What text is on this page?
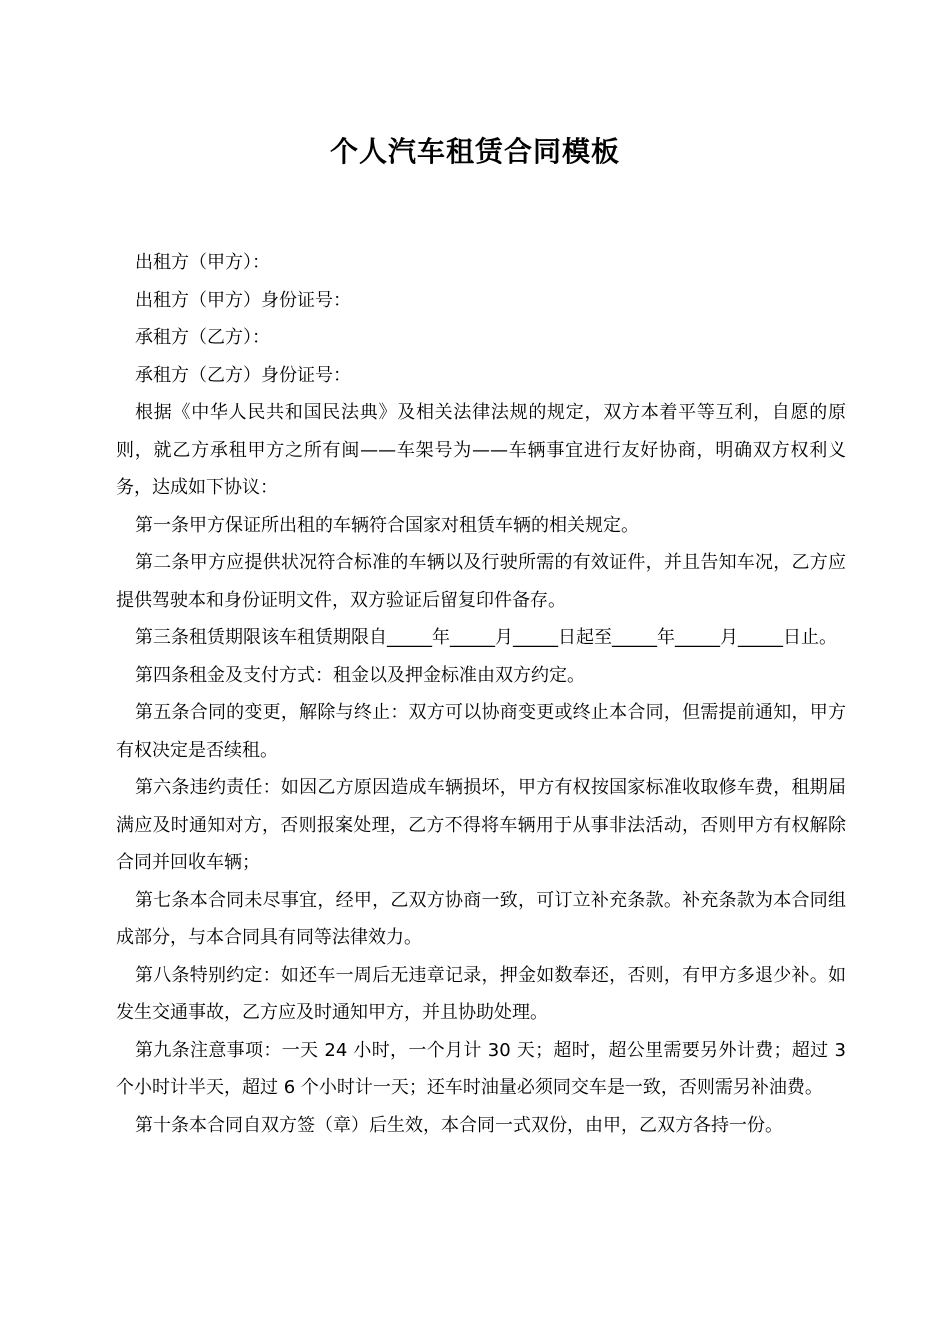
个人汽车租赁合同模板

出租方（甲方）：

出租方（甲方）身份证号：

承租方（乙方）：

承租方（乙方）身份证号：

根据《中华人民共和国民法典》及相关法律法规的规定，双方本着平等互利，自愿的原则，就乙方承租甲方之所有闽——车架号为——车辆事宜进行友好协商，明确双方权利义务，达成如下协议：

第一条甲方保证所出租的车辆符合国家对租赁车辆的相关规定。

第二条甲方应提供状况符合标准的车辆以及行驶所需的有效证件，并且告知车况，乙方应提供驾驶本和身份证明文件，双方验证后留复印件备存。

第三条租赁期限该车租赁期限自_____年_____月_____日起至_____年_____月_____日止。

第四条租金及支付方式：租金以及押金标准由双方约定。

第五条合同的变更，解除与终止：双方可以协商变更或终止本合同，但需提前通知，甲方有权决定是否续租。

第六条违约责任：如因乙方原因造成车辆损坏，甲方有权按国家标准收取修车费，租期届满应及时通知对方，否则报案处理，乙方不得将车辆用于从事非法活动，否则甲方有权解除合同并回收车辆；

第七条本合同未尽事宜，经甲，乙双方协商一致，可订立补充条款。补充条款为本合同组成部分，与本合同具有同等法律效力。

第八条特别约定：如还车一周后无违章记录，押金如数奉还，否则，有甲方多退少补。如发生交通事故，乙方应及时通知甲方，并且协助处理。

第九条注意事项：一天 24 小时，一个月计 30 天；超时，超公里需要另外计费；超过 3 个小时计半天，超过 6 个小时计一天；还车时油量必须同交车是一致，否则需另补油费。

第十条本合同自双方签（章）后生效，本合同一式双份，由甲，乙双方各持一份。
